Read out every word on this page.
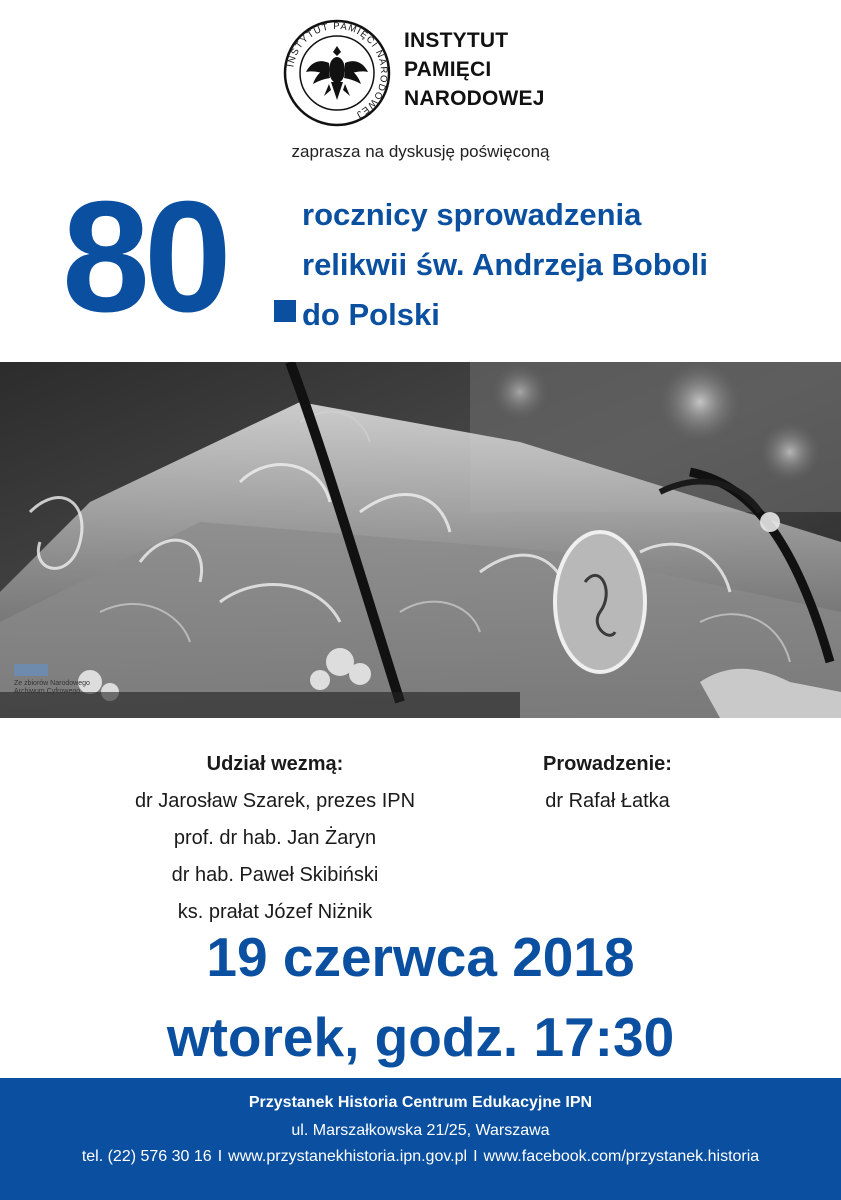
INSTYTUT PAMIĘCI NARODOWEJ
INSTYTUT
PAMIĘCI
NARODOWEJ
zaprasza na dyskusję poświęconą
80 rocznicy sprowadzenia
relikwii św. Andrzeja Boboli
do Polski
Ze zbiorów Narodowego Archiwum Cyfrowego
Udział wezmą:
dr Jarosław Szarek, prezes IPN
prof. dr hab. Jan Żaryn
dr hab. Paweł Skibiński
ks. prałat Józef Niżnik
Prowadzenie:
dr Rafał Łatka
19 czerwca 2018
wtorek, godz. 17:30
Przystanek Historia Centrum Edukacyjne IPN
ul. Marszałkowska 21/25, Warszawa
tel. (22) 576 30 16 I www.przystanekhistoria.ipn.gov.pl I www.facebook.com/przystanek.historia
